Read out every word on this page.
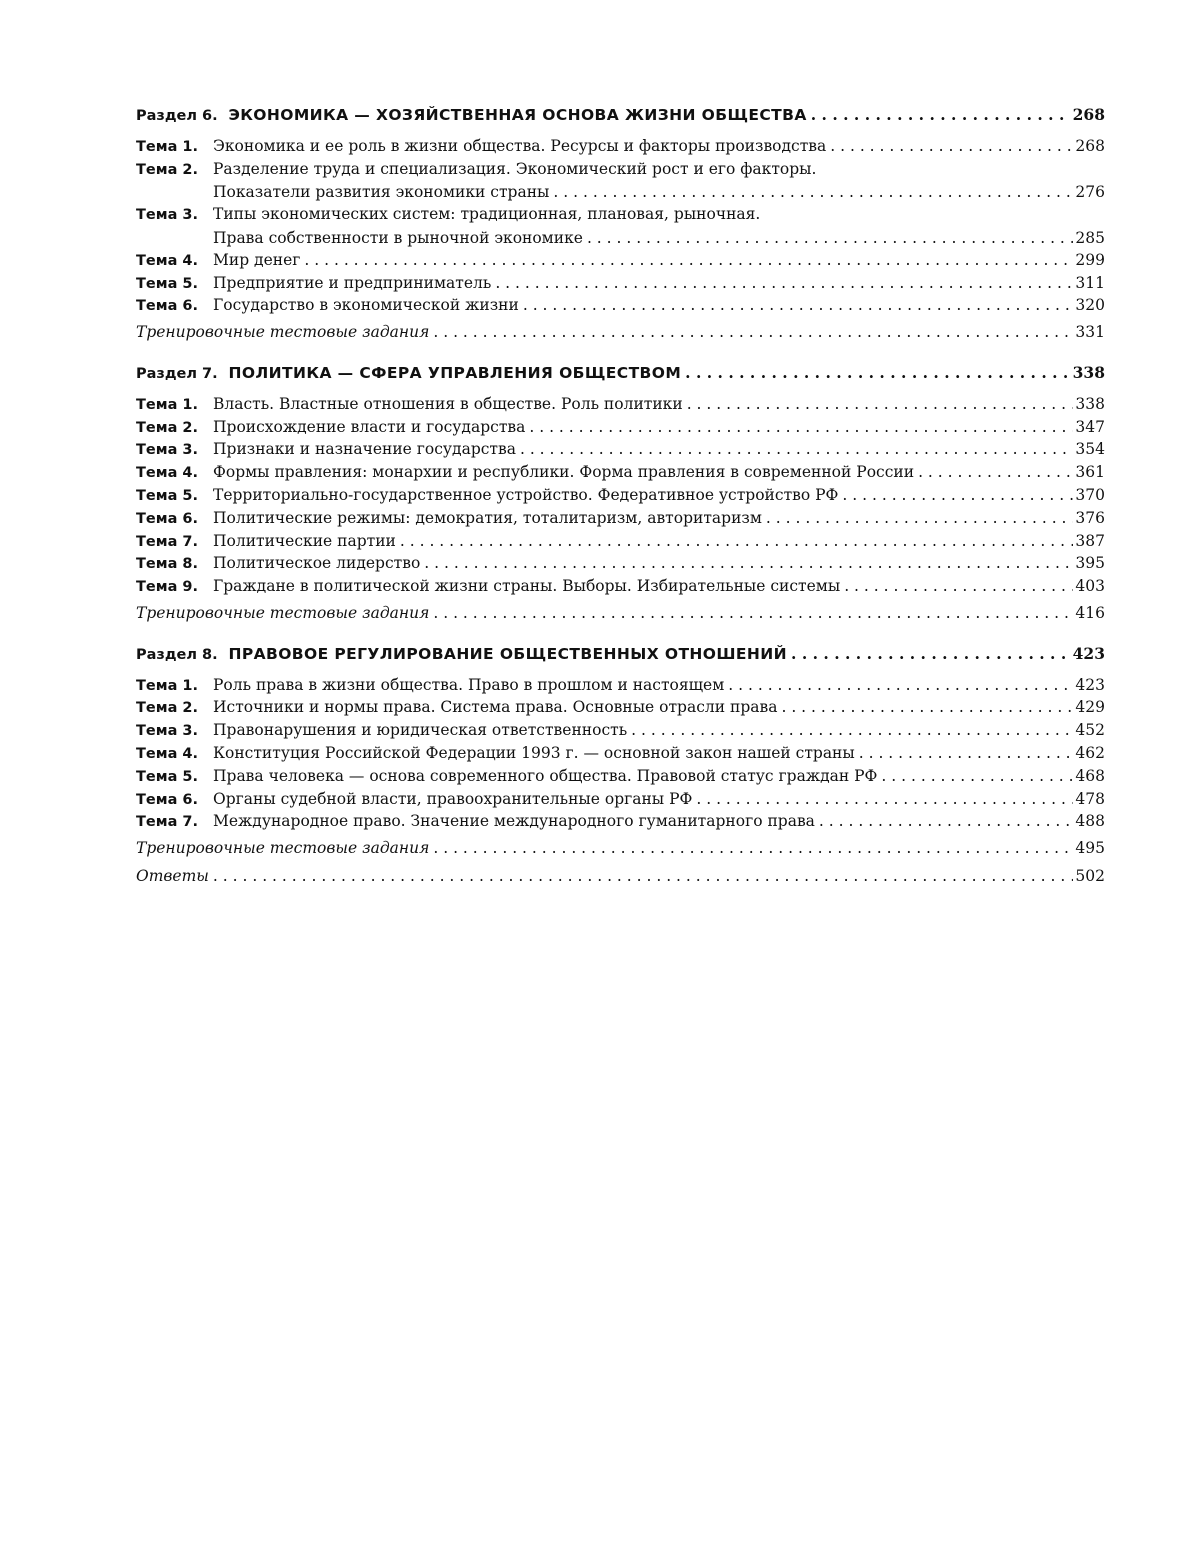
Раздел 6. ЭКОНОМИКА — ХОЗЯЙСТВЕННАЯ ОСНОВА ЖИЗНИ ОБЩЕСТВА . . .	268
Тема 1. Экономика и ее роль в жизни общества. Ресурсы и факторы производства . . .	268
Тема 2. Разделение труда и специализация. Экономический рост и его факторы.
Показатели развития экономики страны . . .	276
Тема 3. Типы экономических систем: традиционная, плановая, рыночная.
Права собственности в рыночной экономике . . .	285
Тема 4. Мир денег . . .	299
Тема 5. Предприятие и предприниматель . . .	311
Тема 6. Государство в экономической жизни . . .	320
Тренировочные тестовые задания . . .	331
Раздел 7. ПОЛИТИКА — СФЕРА УПРАВЛЕНИЯ ОБЩЕСТВОМ . . .	338
Тема 1. Власть. Властные отношения в обществе. Роль политики . . .	338
Тема 2. Происхождение власти и государства . . .	347
Тема 3. Признаки и назначение государства . . .	354
Тема 4. Формы правления: монархии и республики. Форма правления в современной России . . .	361
Тема 5. Территориально-государственное устройство. Федеративное устройство РФ . . .	370
Тема 6. Политические режимы: демократия, тоталитаризм, авторитаризм . . .	376
Тема 7. Политические партии . . .	387
Тема 8. Политическое лидерство . . .	395
Тема 9. Граждане в политической жизни страны. Выборы. Избирательные системы . . .	403
Тренировочные тестовые задания . . .	416
Раздел 8. ПРАВОВОЕ РЕГУЛИРОВАНИЕ ОБЩЕСТВЕННЫХ ОТНОШЕНИЙ . . .	423
Тема 1. Роль права в жизни общества. Право в прошлом и настоящем . . .	423
Тема 2. Источники и нормы права. Система права. Основные отрасли права . . .	429
Тема 3. Правонарушения и юридическая ответственность . . .	452
Тема 4. Конституция Российской Федерации 1993 г. — основной закон нашей страны . . .	462
Тема 5. Права человека — основа современного общества. Правовой статус граждан РФ . . .	468
Тема 6. Органы судебной власти, правоохранительные органы РФ . . .	478
Тема 7. Международное право. Значение международного гуманитарного права . . .	488
Тренировочные тестовые задания . . .	495
Ответы . . .	502
